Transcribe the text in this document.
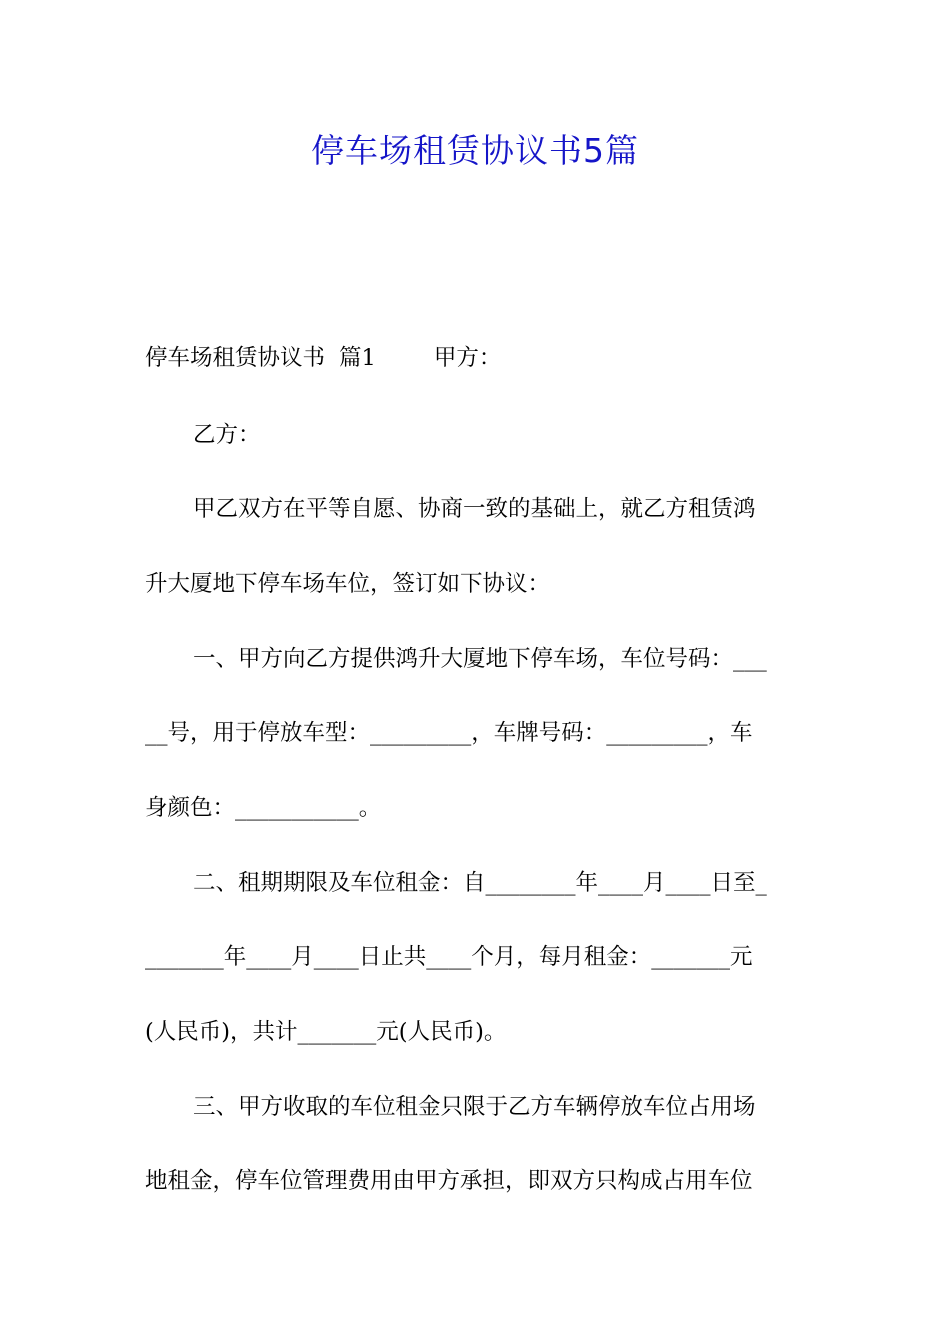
停车场租赁协议书5篇
停车场租赁协议书 篇1	甲方：
乙方：
甲乙双方在平等自愿、协商一致的基础上，就乙方租赁鸿
升大厦地下停车场车位，签订如下协议：
一、甲方向乙方提供鸿升大厦地下停车场，车位号码：___
__号，用于停放车型：_________，车牌号码：_________，车
身颜色：___________。
二、租期期限及车位租金：自________年____月____日至_
_______年____月____日止共____个月，每月租金：_______元
(人民币)，共计_______元(人民币)。
三、甲方收取的车位租金只限于乙方车辆停放车位占用场
地租金，停车位管理费用由甲方承担，即双方只构成占用车位
